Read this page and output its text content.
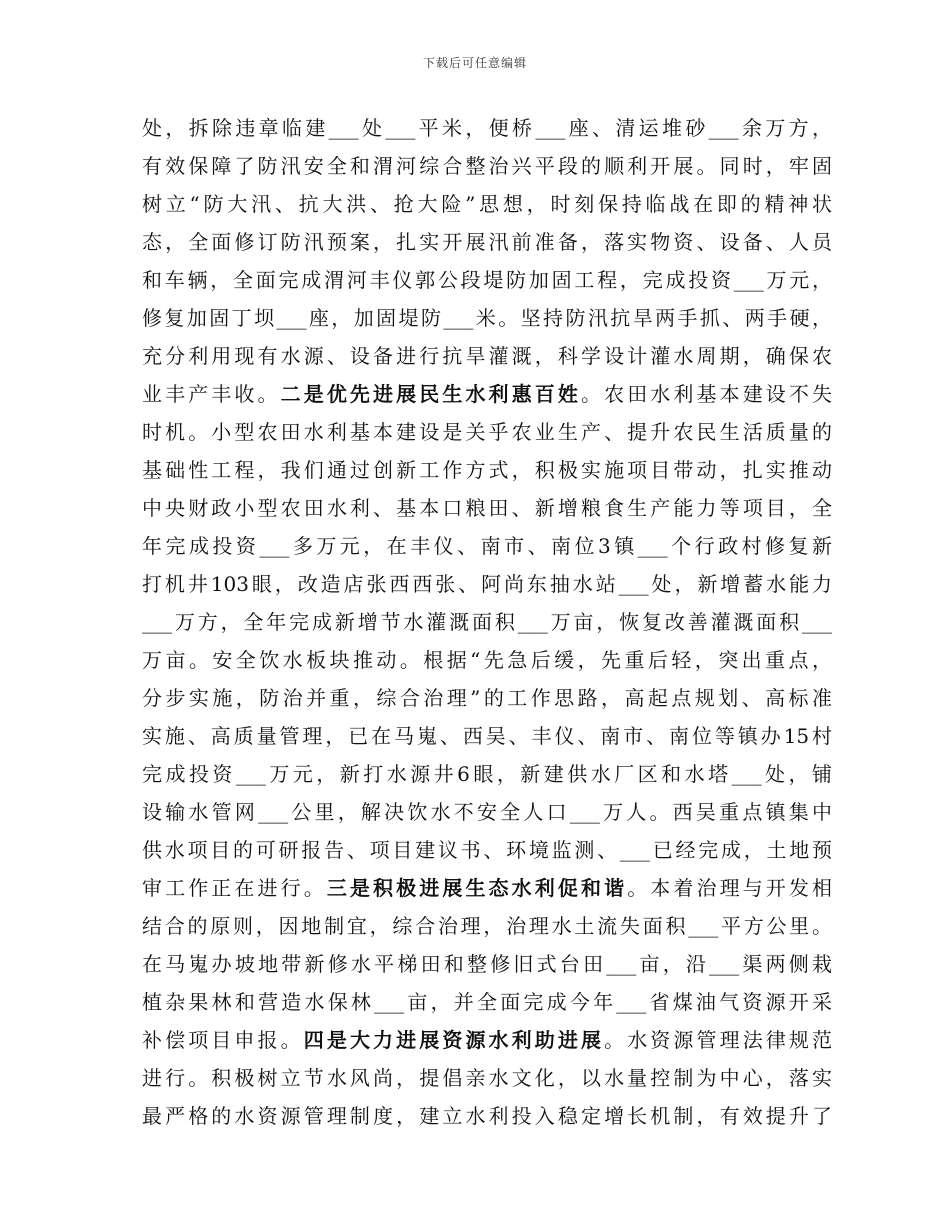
下载后可任意编辑
处，拆除违章临建___处___平米，便桥___座、清运堆砂___余万方，
有效保障了防汛安全和渭河综合整治兴平段的顺利开展。同时，牢固
树立“防大汛、抗大洪、抢大险”思想，时刻保持临战在即的精神状
态，全面修订防汛预案，扎实开展汛前准备，落实物资、设备、人员
和车辆，全面完成渭河丰仪郭公段堤防加固工程，完成投资___万元，
修复加固丁坝___座，加固堤防___米。坚持防汛抗旱两手抓、两手硬，
充分利用现有水源、设备进行抗旱灌溉，科学设计灌水周期，确保农
业丰产丰收。二是优先进展民生水利惠百姓。农田水利基本建设不失
时机。小型农田水利基本建设是关乎农业生产、提升农民生活质量的
基础性工程，我们通过创新工作方式，积极实施项目带动，扎实推动
中央财政小型农田水利、基本口粮田、新增粮食生产能力等项目，全
年完成投资___多万元，在丰仪、南市、南位3镇___个行政村修复新
打机井103眼，改造店张西西张、阿尚东抽水站___处，新增蓄水能力
___万方，全年完成新增节水灌溉面积___万亩，恢复改善灌溉面积___
万亩。安全饮水板块推动。根据“先急后缓，先重后轻，突出重点，
分步实施，防治并重，综合治理”的工作思路，高起点规划、高标准
实施、高质量管理，已在马嵬、西吴、丰仪、南市、南位等镇办15村
完成投资___万元，新打水源井6眼，新建供水厂区和水塔___处，铺
设输水管网___公里，解决饮水不安全人口___万人。西吴重点镇集中
供水项目的可研报告、项目建议书、环境监测、___已经完成，土地预
审工作正在进行。三是积极进展生态水利促和谐。本着治理与开发相
结合的原则，因地制宜，综合治理，治理水土流失面积___平方公里。
在马嵬办坡地带新修水平梯田和整修旧式台田___亩，沿___渠两侧栽
植杂果林和营造水保林___亩，并全面完成今年___省煤油气资源开采
补偿项目申报。四是大力进展资源水利助进展。水资源管理法律规范
进行。积极树立节水风尚，提倡亲水文化，以水量控制为中心，落实
最严格的水资源管理制度，建立水利投入稳定增长机制，有效提升了
